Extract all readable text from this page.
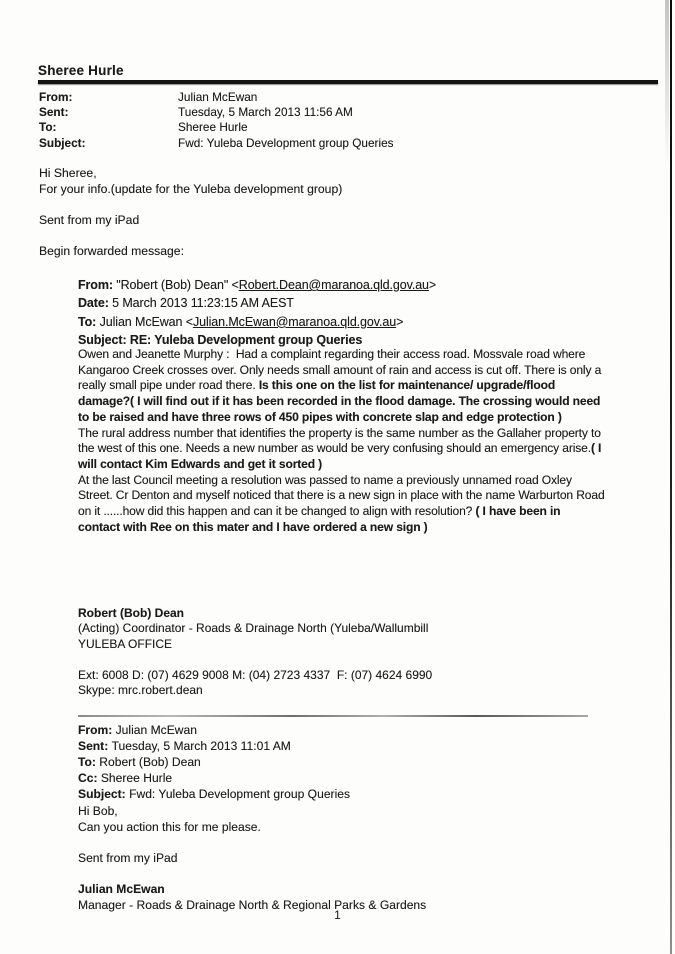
Sheree Hurle
From:	Julian McEwan
Sent:	Tuesday, 5 March 2013 11:56 AM
To:	Sheree Hurle
Subject:	Fwd: Yuleba Development group Queries
Hi Sheree,
For your info.(update for the Yuleba development group)
Sent from my iPad
Begin forwarded message:
From: "Robert (Bob) Dean" <Robert.Dean@maranoa.qld.gov.au>
Date: 5 March 2013 11:23:15 AM AEST
To: Julian McEwan <Julian.McEwan@maranoa.qld.gov.au>
Subject: RE: Yuleba Development group Queries

Owen and Jeanette Murphy :  Had a complaint regarding their access road. Mossvale road where Kangaroo Creek crosses over. Only needs small amount of rain and access is cut off. There is only a really small pipe under road there. Is this one on the list for maintenance/ upgrade/flood damage?( I will find out if it has been recorded in the flood damage. The crossing would need to be raised and have three rows of 450 pipes with concrete slap and edge protection )

The rural address number that identifies the property is the same number as the Gallaher property to the west of this one. Needs a new number as would be very confusing should an emergency arise.( I will contact Kim Edwards and get it sorted )

At the last Council meeting a resolution was passed to name a previously unnamed road Oxley Street. Cr Denton and myself noticed that there is a new sign in place with the name Warburton Road on it ......how did this happen and can it be changed to align with resolution? ( I have been in contact with Ree on this mater and I have ordered a new sign )

Robert (Bob) Dean
(Acting) Coordinator - Roads & Drainage North (Yuleba/Wallumbill
YULEBA OFFICE
Ext: 6008 D: (07) 4629 9008 M: (04) 2723 4337  F: (07) 4624 6990
Skype: mrc.robert.dean
From: Julian McEwan
Sent: Tuesday, 5 March 2013 11:01 AM
To: Robert (Bob) Dean
Cc: Sheree Hurle
Subject: Fwd: Yuleba Development group Queries
Hi Bob,
Can you action this for me please.
Sent from my iPad
Julian McEwan
Manager - Roads & Drainage North & Regional Parks & Gardens
1
